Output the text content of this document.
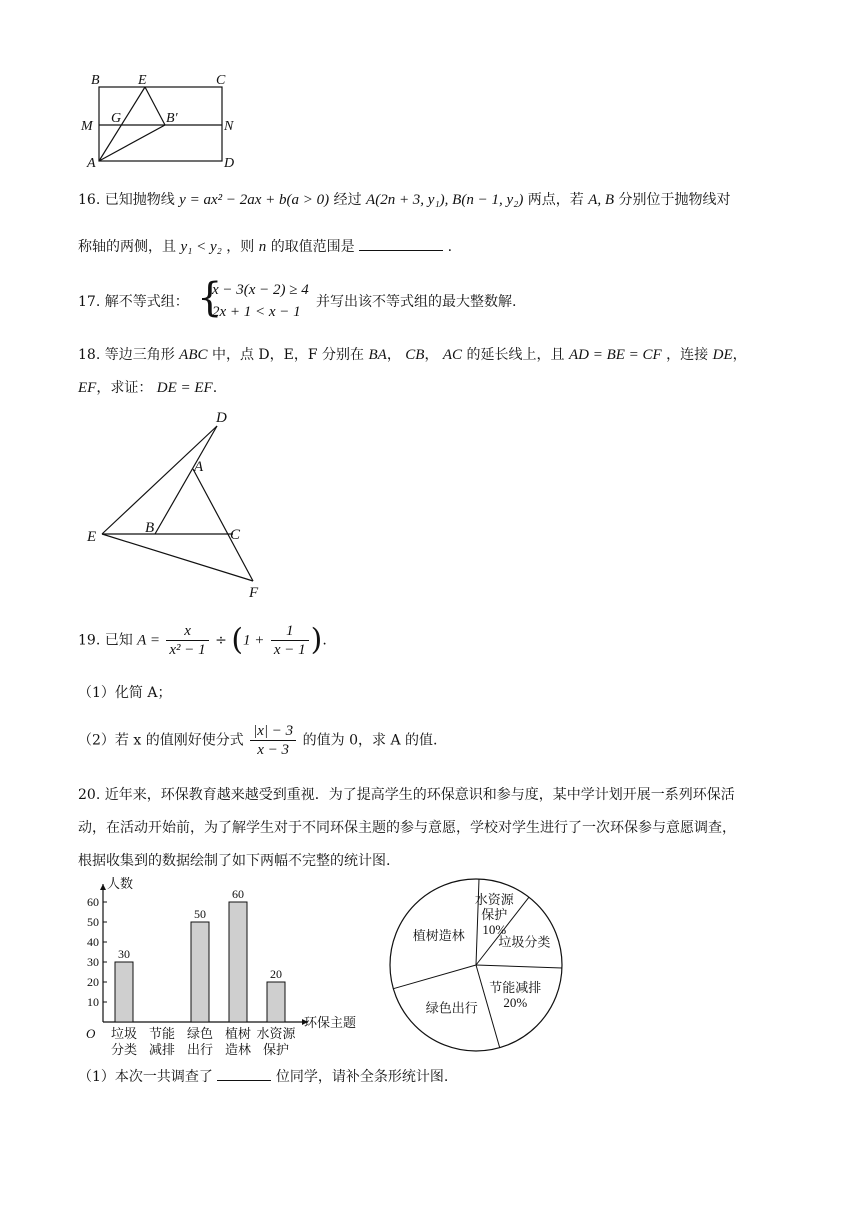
B	E	C
M
G	B′
N
A	D
16. 已知抛物线 y = ax² − 2ax + b(a > 0) 经过 A(2n + 3, y₁), B(n − 1, y₂) 两点，若 A, B 分别位于抛物线对
称轴的两侧，且 y₁ < y₂ ，则 n 的取值范围是	.
17. 解不等式组： {
x − 3(x − 2) ≥ 4
2x + 1 < x − 1
并写出该不等式组的最大整数解.
18. 等边三角形 ABC 中，点 D，E，F 分别在 BA， CB， AC 的延长线上，且 AD = BE = CF ，连接 DE，
EF，求证： DE = EF.
D
A
B	C
E
F
19. 已知 $A = \frac{x}{\text{x² − 1}} \div (1 + \frac{1}{x - 1}$ ).
（1）化简 A；
（2）若 x 的值刚好使分式 $\frac{|x| - 3}{x - 3}$ 的值为 0，求 A 的值.
20. 近年来，环保教育越来越受到重视．为了提高学生的环保意识和参与度，某中学计划开展一系列环保活
动，在活动开始前，为了解学生对于不同环保主题的参与意愿，学校对学生进行了一次环保参与意愿调查，
根据收集到的数据绘制了如下两幅不完整的统计图.
人数
环保主题
O
10
20
30
40
50
60
30
垃圾
分类
节能
减排
50
绿色
出行
60
植树
造林
20
水资源
保护
水资源
保护
10%
垃圾分类
节能减排
20%
绿色出行
植树造林
（1）本次一共调查了	位同学，请补全条形统计图.
